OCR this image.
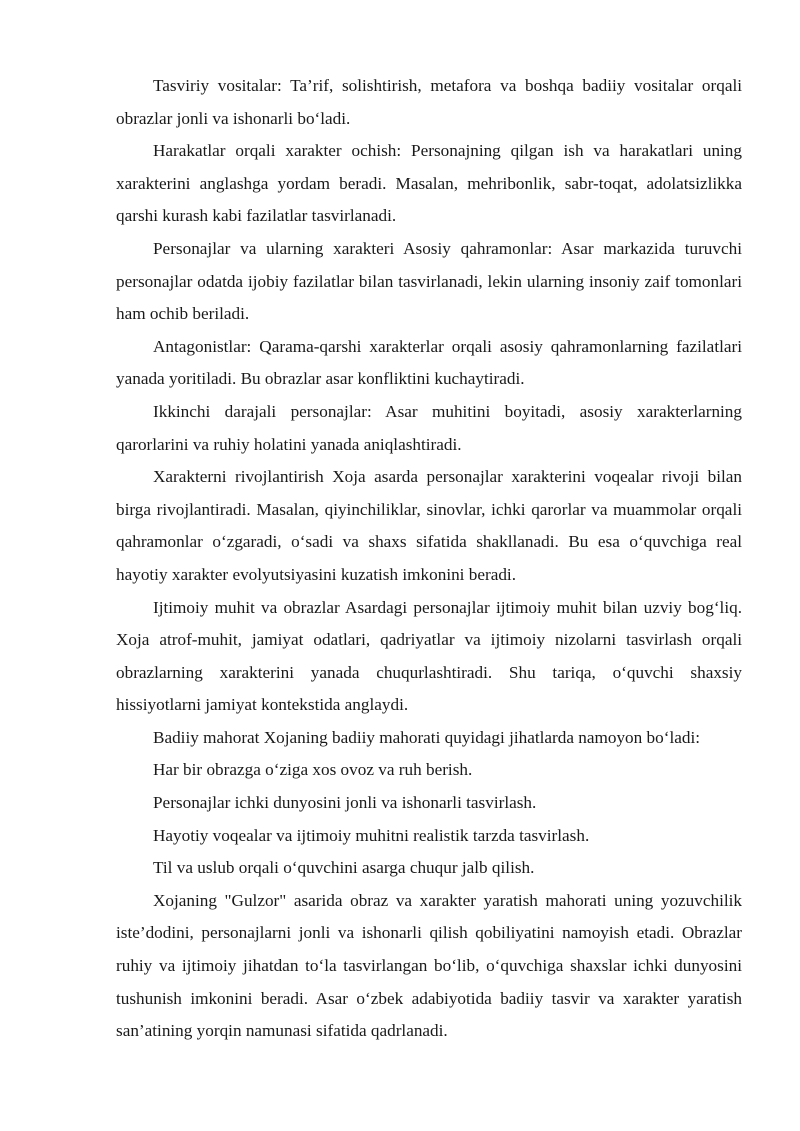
Tasviriy vositalar: Ta’rif, solishtirish, metafora va boshqa badiiy vositalar orqali obrazlar jonli va ishonarli bo‘ladi.

Harakatlar orqali xarakter ochish: Personajning qilgan ish va harakatlari uning xarakterini anglashga yordam beradi. Masalan, mehribonlik, sabr-toqat, adolatsizlikka qarshi kurash kabi fazilatlar tasvirlanadi.

Personajlar va ularning xarakteri Asosiy qahramonlar: Asar markazida turuvchi personajlar odatda ijobiy fazilatlar bilan tasvirlanadi, lekin ularning insoniy zaif tomonlari ham ochib beriladi.

Antagonistlar: Qarama-qarshi xarakterlar orqali asosiy qahramonlarning fazilatlari yanada yoritiladi. Bu obrazlar asar konfliktini kuchaytiradi.

Ikkinchi darajali personajlar: Asar muhitini boyitadi, asosiy xarakterlarning qarorlarini va ruhiy holatini yanada aniqlashtiradi.

Xarakterni rivojlantirish Xoja asarda personajlar xarakterini voqealar rivoji bilan birga rivojlantiradi. Masalan, qiyinchiliklar, sinovlar, ichki qarorlar va muammolar orqali qahramonlar o‘zgaradi, o‘sadi va shaxs sifatida shakllanadi. Bu esa o‘quvchiga real hayotiy xarakter evolyutsiyasini kuzatish imkonini beradi.

Ijtimoiy muhit va obrazlar Asardagi personajlar ijtimoiy muhit bilan uzviy bog‘liq. Xoja atrof-muhit, jamiyat odatlari, qadriyatlar va ijtimoiy nizolarni tasvirlash orqali obrazlarning xarakterini yanada chuqurlashtiradi. Shu tariqa, o‘quvchi shaxsiy hissiyotlarni jamiyat kontekstida anglaydi.

Badiiy mahorat Xojaning badiiy mahorati quyidagi jihatlarda namoyon bo‘ladi:

Har bir obrazga o‘ziga xos ovoz va ruh berish.

Personajlar ichki dunyosini jonli va ishonarli tasvirlash.

Hayotiy voqealar va ijtimoiy muhitni realistik tarzda tasvirlash.

Til va uslub orqali o‘quvchini asarga chuqur jalb qilish.

Xojaning "Gulzor" asarida obraz va xarakter yaratish mahorati uning yozuvchilik iste’dodini, personajlarni jonli va ishonarli qilish qobiliyatini namoyish etadi. Obrazlar ruhiy va ijtimoiy jihatdan to‘la tasvirlangan bo‘lib, o‘quvchiga shaxslar ichki dunyosini tushunish imkonini beradi. Asar o‘zbek adabiyotida badiiy tasvir va xarakter yaratish san’atining yorqin namunasi sifatida qadrlanadi.
